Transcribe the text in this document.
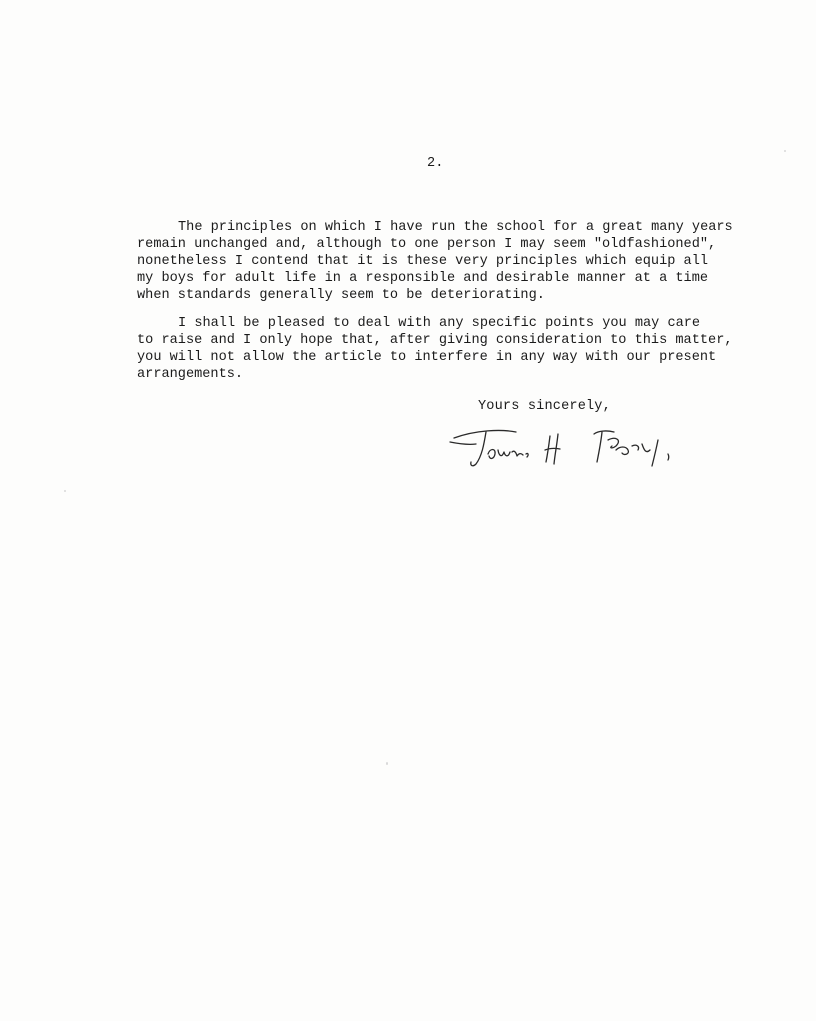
2.
The principles on which I have run the school for a great many years
remain unchanged and, although to one person I may seem "oldfashioned",
nonetheless I contend that it is these very principles which equip all
my boys for adult life in a responsible and desirable manner at a time
when standards generally seem to be deteriorating.
I shall be pleased to deal with any specific points you may care
to raise and I only hope that, after giving consideration to this matter,
you will not allow the article to interfere in any way with our present
arrangements.
Yours sincerely,
